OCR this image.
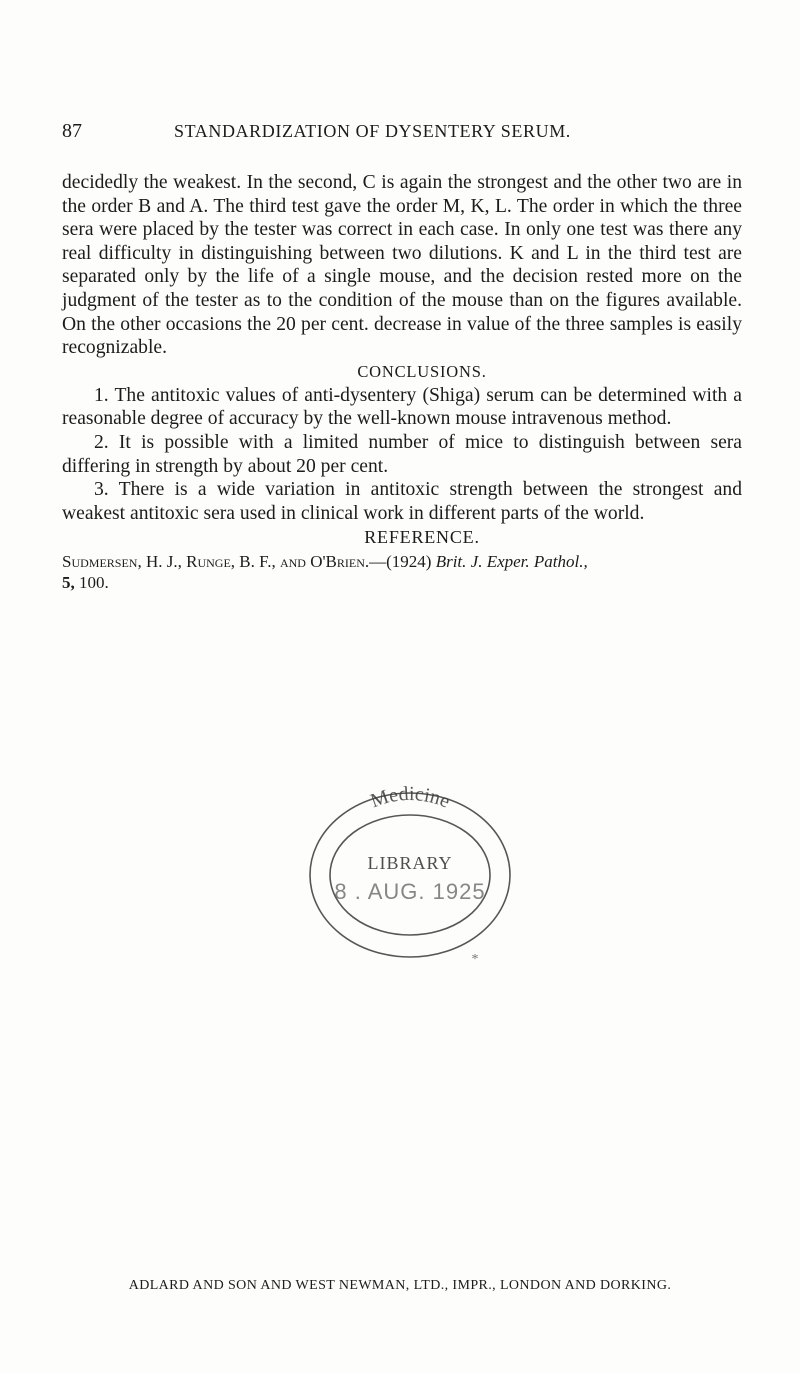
87	STANDARDIZATION OF DYSENTERY SERUM.

decidedly the weakest. In the second, C is again the strongest and the other two are in the order B and A. The third test gave the order M, K, L. The order in which the three sera were placed by the tester was correct in each case. In only one test was there any real difficulty in distinguishing between two dilutions. K and L in the third test are separated only by the life of a single mouse, and the decision rested more on the judgment of the tester as to the condition of the mouse than on the figures available. On the other occasions the 20 per cent. decrease in value of the three samples is easily recognizable.

CONCLUSIONS.

1. The antitoxic values of anti-dysentery (Shiga) serum can be determined with a reasonable degree of accuracy by the well-known mouse intravenous method.

2. It is possible with a limited number of mice to distinguish between sera differing in strength by about 20 per cent.

3. There is a wide variation in antitoxic strength between the strongest and weakest antitoxic sera used in clinical work in different parts of the world.

REFERENCE.

Sudmersen, H. J., Runge, B. F., and O'Brien.—(1924) Brit. J. Exper. Pathol.,
5, 100.

Medicine
LIBRARY
8 . AUG. 1925
*
ADLARD AND SON AND WEST NEWMAN, LTD., IMPR., LONDON AND DORKING.
